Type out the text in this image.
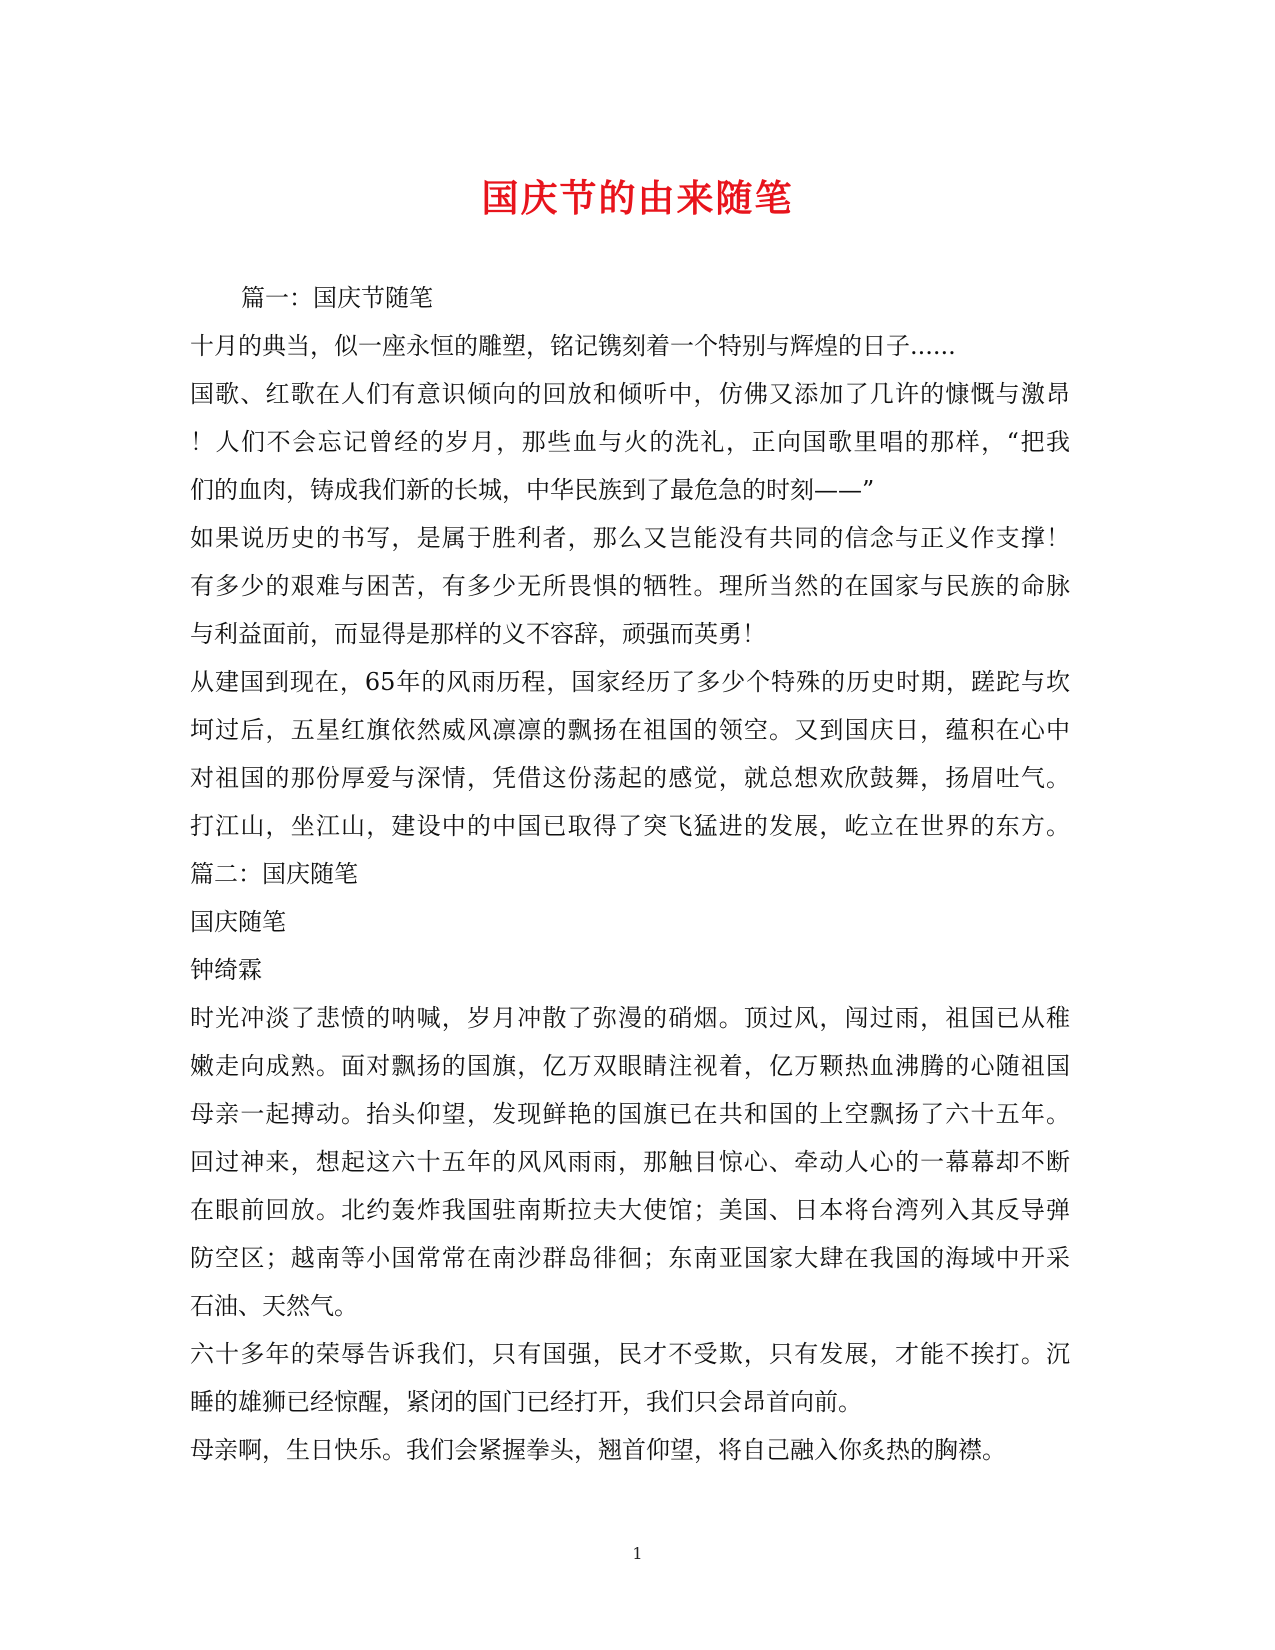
国庆节的由来随笔
篇一：国庆节随笔
十月的典当，似一座永恒的雕塑，铭记镌刻着一个特别与辉煌的日子......
国歌、红歌在人们有意识倾向的回放和倾听中，仿佛又添加了几许的慷慨与激昂
！人们不会忘记曾经的岁月，那些血与火的洗礼，正向国歌里唱的那样，“把我
们的血肉，铸成我们新的长城，中华民族到了最危急的时刻——”
如果说历史的书写，是属于胜利者，那么又岂能没有共同的信念与正义作支撑！
有多少的艰难与困苦，有多少无所畏惧的牺牲。理所当然的在国家与民族的命脉
与利益面前，而显得是那样的义不容辞，顽强而英勇！
从建国到现在，65年的风雨历程，国家经历了多少个特殊的历史时期，蹉跎与坎
坷过后，五星红旗依然威风凛凛的飘扬在祖国的领空。又到国庆日，蕴积在心中
对祖国的那份厚爱与深情，凭借这份荡起的感觉，就总想欢欣鼓舞，扬眉吐气。
打江山，坐江山，建设中的中国已取得了突飞猛进的发展，屹立在世界的东方。
篇二：国庆随笔
国庆随笔
钟绮霖
时光冲淡了悲愤的呐喊，岁月冲散了弥漫的硝烟。顶过风，闯过雨，祖国已从稚
嫩走向成熟。面对飘扬的国旗，亿万双眼睛注视着，亿万颗热血沸腾的心随祖国
母亲一起搏动。抬头仰望，发现鲜艳的国旗已在共和国的上空飘扬了六十五年。
回过神来，想起这六十五年的风风雨雨，那触目惊心、牵动人心的一幕幕却不断
在眼前回放。北约轰炸我国驻南斯拉夫大使馆；美国、日本将台湾列入其反导弹
防空区；越南等小国常常在南沙群岛徘徊；东南亚国家大肆在我国的海域中开采
石油、天然气。
六十多年的荣辱告诉我们，只有国强，民才不受欺，只有发展，才能不挨打。沉
睡的雄狮已经惊醒，紧闭的国门已经打开，我们只会昂首向前。
母亲啊，生日快乐。我们会紧握拳头，翘首仰望，将自己融入你炙热的胸襟。
1
